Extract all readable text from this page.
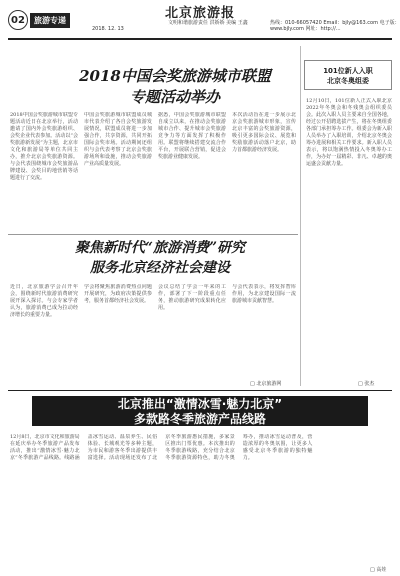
02	旅游专递	北京旅游报
2018. 12. 13
文明和谐旅游责任 洪娇娇 美编 王鑫	热线：010-66057420 Email：bjly@163.com 电子版：www.bjly.com 网址：http://...
2018中国会奖旅游城市联盟
专题活动举办
2018中国会奖旅游城市联盟专题活动近日在北京举行，活动邀请了国内外会奖旅游组织、会奖企业代表参加。活动以“会奖旅游新发展”为主题，北京市文化和旅游局等单位共同主办，推介北京会奖旅游资源。与会代表围绕城市会奖旅游品牌建设、会奖目的地营销等话题进行了交流。
中国会奖旅游城市联盟成员城市代表介绍了各自会奖旅游发展情况，联盟成员将进一步加强合作，共享资源，共同开拓国际会奖市场。活动期间还组织与会代表考察了北京会奖旅游场所和设施，推动会奖旅游产业高质量发展。
据悉，中国会奖旅游城市联盟自成立以来，在推动会奖旅游城市合作、提升城市会奖旅游竞争力等方面发挥了积极作用。联盟将继续搭建交流合作平台，开展联合营销，促进会奖旅游业健康发展。
本次活动旨在进一步展示北京会奖旅游城市形象，宣传北京丰富的会奖旅游资源，吸引更多国际会议、展览和奖励旅游活动落户北京，助力首都旅游经济发展。
101位新人入职
北京冬奥组委
12月10日，101位新人正式入职北京2022年冬奥会和冬残奥会组织委员会。此次入职人员主要来自全国各地，经过公开招聘选拔产生，将在冬奥组委各部门承担筹办工作。组委会为新入职人员举办了入职培训，介绍北京冬奥会筹办进展和相关工作要求。新入职人员表示，将以饱满热情投入冬奥筹办工作，为办好一届精彩、非凡、卓越的奥运盛会贡献力量。
□ 张杰
聚焦新时代“旅游消费”研究
服务北京经济社会建设
近日，北京旅游学会召开年会，围绕新时代旅游消费研究展开深入探讨。与会专家学者认为，旅游消费已成为拉动经济增长的重要力量。
学会将聚焦旅游消费热点问题开展研究，为政府决策提供参考，服务首都经济社会发展。
会议总结了学会一年来的工作，部署了下一阶段重点任务，推动旅游研究成果转化应用。
与会代表表示，将发挥智库作用，为北京建设国际一流旅游城市贡献智慧。
□ 北京旅游网
北京推出“激情冰雪·魅力北京”
多款路冬季旅游产品线路
12月8日，北京市文化和旅游局在延庆举办冬季旅游产品发布活动，推出“激情冰雪·魅力北京”冬季旅游产品线路。线路涵盖冰雪运动、温泉养生、民俗体验、长城观光等多种主题，为市民和游客冬季出游提供丰富选择。活动现场还发布了北京冬季旅游惠民措施，多家景区推出门票优惠。本次推出的冬季旅游线路，充分结合北京冬季旅游资源特色，助力冬奥筹办，推动冰雪运动普及，营造浓厚的冬奥氛围，让更多人感受北京冬季旅游的独特魅力。
□ 高娃
